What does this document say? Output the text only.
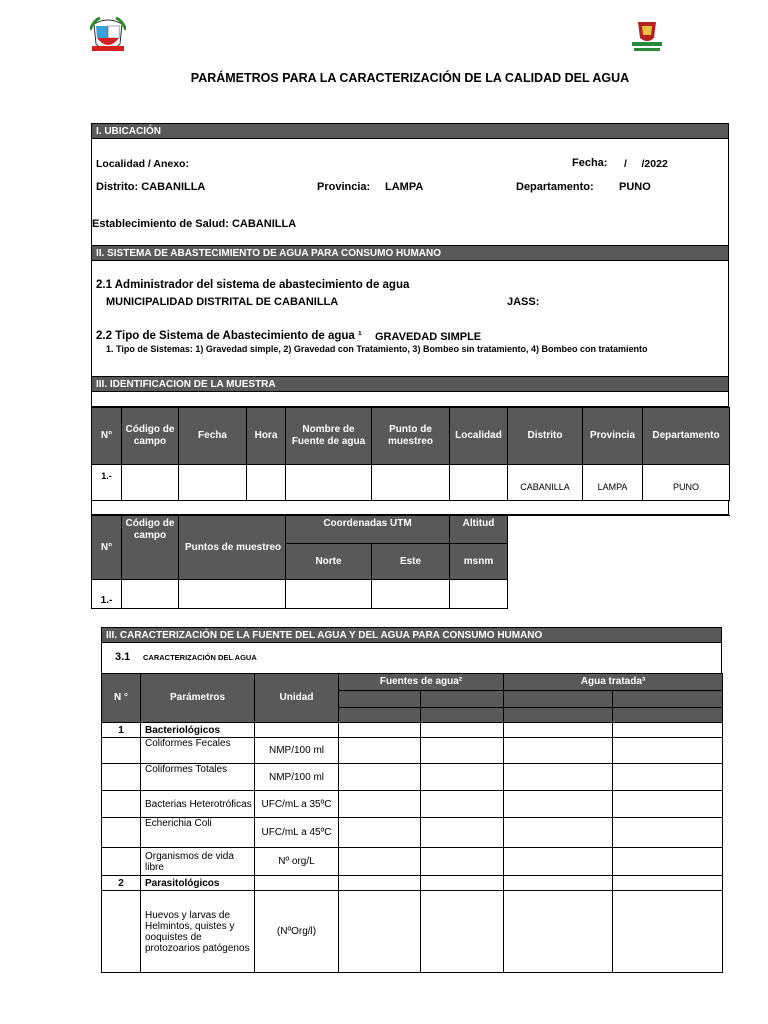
PARÁMETROS PARA LA CARACTERIZACIÓN DE LA CALIDAD DEL AGUA
I. UBICACIÓN
Localidad / Anexo:	Fecha: /     /2022
Distrito: CABANILLA	Provincia: LAMPA	Departamento: PUNO
Establecimiento de Salud: CABANILLA
II. SISTEMA DE ABASTECIMIENTO DE AGUA PARA CONSUMO HUMANO
2.1 Administrador del sistema de abastecimiento de agua
MUNICIPALIDAD DISTRITAL DE CABANILLA	JASS:
2.2 Tipo de Sistema de Abastecimiento de agua ¹ GRAVEDAD SIMPLE
1. Tipo de Sistemas: 1) Gravedad simple, 2) Gravedad con Tratamiento, 3) Bombeo sin tratamiento, 4) Bombeo con tratamiento
III. IDENTIFICACION DE LA MUESTRA
N°	Código de campo	Fecha	Hora	Nombre de Fuente de agua	Punto de muestreo	Localidad	Distrito	Provincia	Departamento
1.-							CABANILLA	LAMPA	PUNO
N°	Código de campo	Puntos de muestreo	Coordenadas UTM		Altitud	
			Norte	Este	msnm	
1.-						
III. CARACTERIZACIÓN DE LA FUENTE DEL AGUA Y DEL AGUA PARA CONSUMO HUMANO
3.1 CARACTERIZACIÓN DEL AGUA
N °	Parámetros	Unidad	Fuentes de agua²		Agua tratada³	

1	Bacteriológicos					
	Coliformes Fecales	NMP/100 ml				
	Coliformes Totales	NMP/100 ml				
	Bacterias Heterotróficas	UFC/mL a 35ºC				
	Echerichia Coli	UFC/mL a 45ºC				
	Organismos de vida libre	Nº org/L				
2	Parasitológicos					
	Huevos y larvas de Helmintos, quistes y ooquistes de protozoarios patógenos	(NºOrg/l)				
